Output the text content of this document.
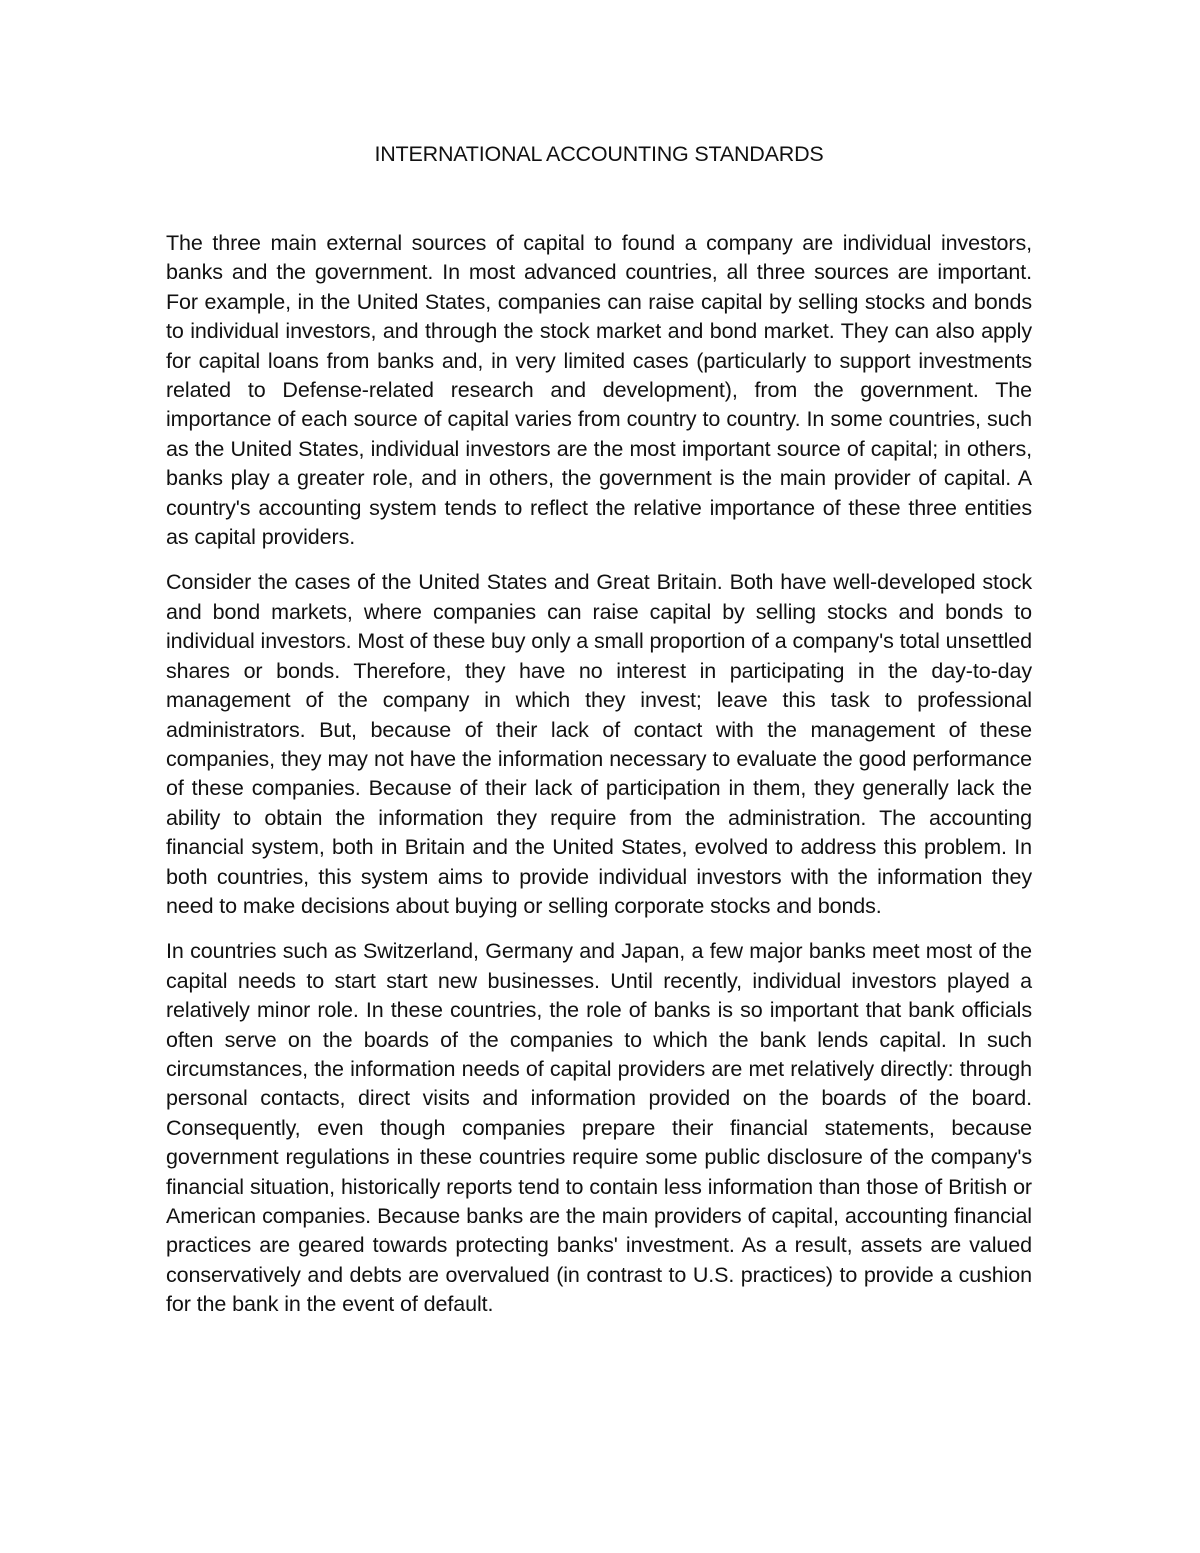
INTERNATIONAL ACCOUNTING STANDARDS

The three main external sources of capital to found a company are individual investors, banks and the government. In most advanced countries, all three sources are important. For example, in the United States, companies can raise capital by selling stocks and bonds to individual investors, and through the stock market and bond market. They can also apply for capital loans from banks and, in very limited cases (particularly to support investments related to Defense-related research and development), from the government. The importance of each source of capital varies from country to country. In some countries, such as the United States, individual investors are the most important source of capital; in others, banks play a greater role, and in others, the government is the main provider of capital. A country's accounting system tends to reflect the relative importance of these three entities as capital providers.

Consider the cases of the United States and Great Britain. Both have well-developed stock and bond markets, where companies can raise capital by selling stocks and bonds to individual investors. Most of these buy only a small proportion of a company's total unsettled shares or bonds. Therefore, they have no interest in participating in the day-to-day management of the company in which they invest; leave this task to professional administrators. But, because of their lack of contact with the management of these companies, they may not have the information necessary to evaluate the good performance of these companies. Because of their lack of participation in them, they generally lack the ability to obtain the information they require from the administration. The accounting financial system, both in Britain and the United States, evolved to address this problem. In both countries, this system aims to provide individual investors with the information they need to make decisions about buying or selling corporate stocks and bonds.

In countries such as Switzerland, Germany and Japan, a few major banks meet most of the capital needs to start start new businesses. Until recently, individual investors played a relatively minor role. In these countries, the role of banks is so important that bank officials often serve on the boards of the companies to which the bank lends capital. In such circumstances, the information needs of capital providers are met relatively directly: through personal contacts, direct visits and information provided on the boards of the board. Consequently, even though companies prepare their financial statements, because government regulations in these countries require some public disclosure of the company's financial situation, historically reports tend to contain less information than those of British or American companies. Because banks are the main providers of capital, accounting financial practices are geared towards protecting banks' investment. As a result, assets are valued conservatively and debts are overvalued (in contrast to U.S. practices) to provide a cushion for the bank in the event of default.
